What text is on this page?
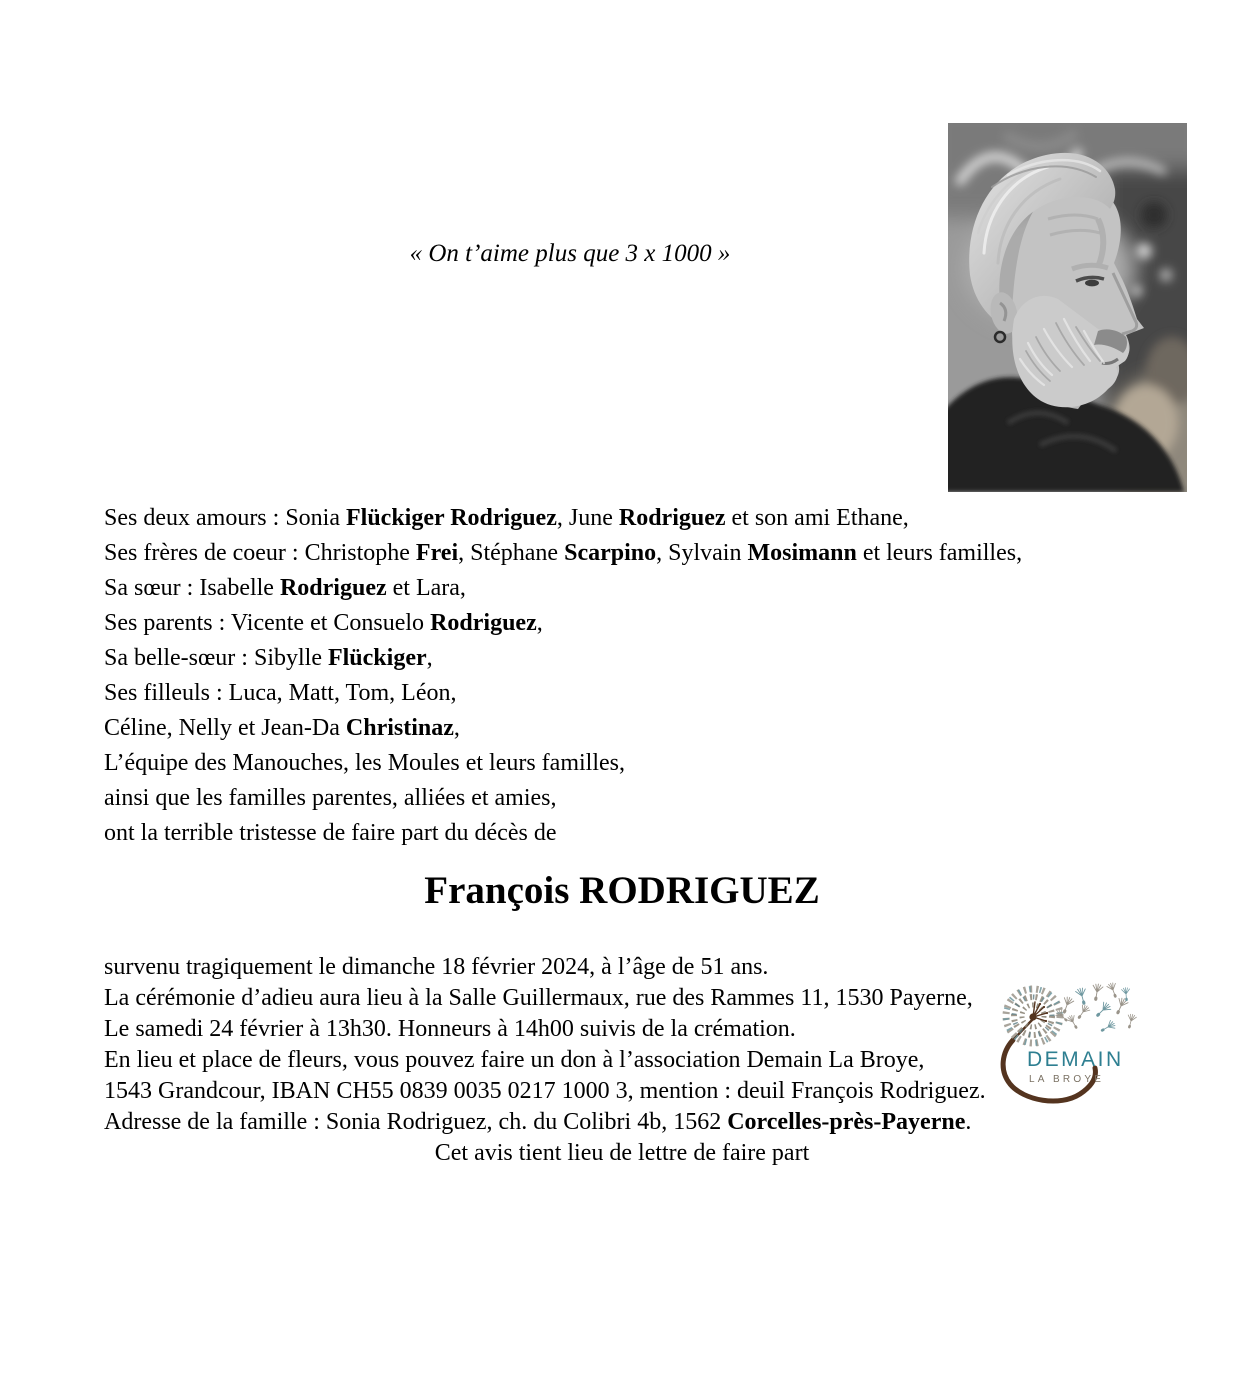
« On t’aime plus que 3 x 1000 »
Ses deux amours : Sonia Flückiger Rodriguez, June Rodriguez et son ami Ethane,
Ses frères de coeur : Christophe Frei, Stéphane Scarpino, Sylvain Mosimann et leurs familles,
Sa sœur : Isabelle Rodriguez et Lara,
Ses parents : Vicente et Consuelo Rodriguez,
Sa belle-sœur : Sibylle Flückiger,
Ses filleuls : Luca, Matt, Tom, Léon,
Céline, Nelly et Jean-Da Christinaz,
L’équipe des Manouches, les Moules et leurs familles,
ainsi que les familles parentes, alliées et amies,
ont la terrible tristesse de faire part du décès de
François RODRIGUEZ
survenu tragiquement le dimanche 18 février 2024, à l’âge de 51 ans.
La cérémonie d’adieu aura lieu à la Salle Guillermaux, rue des Rammes 11, 1530 Payerne,
Le samedi 24 février à 13h30. Honneurs à 14h00 suivis de la crémation.
En lieu et place de fleurs, vous pouvez faire un don à l’association Demain La Broye,
1543 Grandcour, IBAN CH55 0839 0035 0217 1000 3, mention : deuil François Rodriguez.
Adresse de la famille : Sonia Rodriguez, ch. du Colibri 4b, 1562 Corcelles-près-Payerne.
Cet avis tient lieu de lettre de faire part
DEMAIN
LA BROYE
